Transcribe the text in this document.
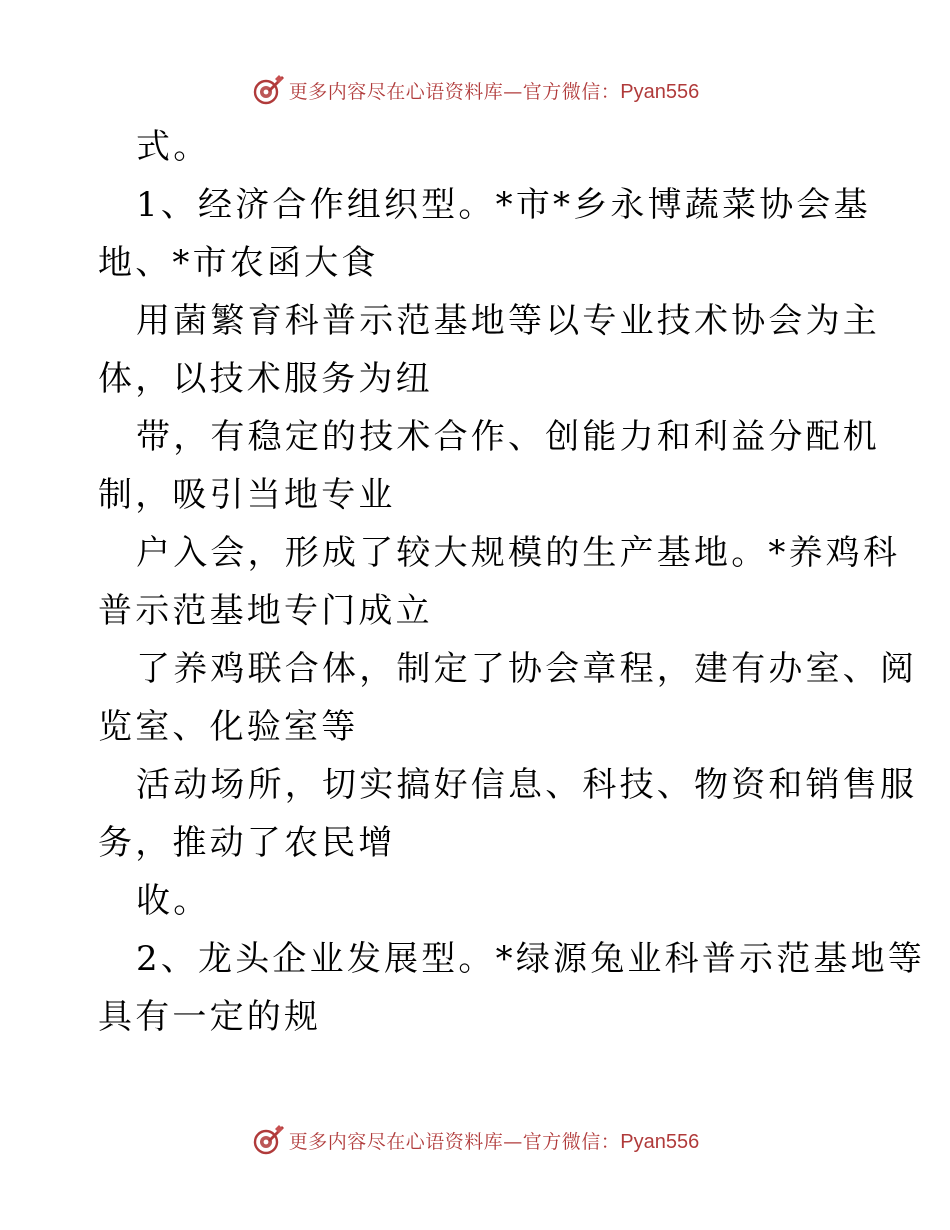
更多内容尽在心语资料库—官方微信：Pyan556
式。
1、经济合作组织型。*市*乡永博蔬菜协会基
地、*市农函大食
用菌繁育科普示范基地等以专业技术协会为主
体，以技术服务为纽
带，有稳定的技术合作、创能力和利益分配机
制，吸引当地专业
户入会，形成了较大规模的生产基地。*养鸡科
普示范基地专门成立
了养鸡联合体，制定了协会章程，建有办室、阅
览室、化验室等
活动场所，切实搞好信息、科技、物资和销售服
务，推动了农民增
收。
2、龙头企业发展型。*绿源兔业科普示范基地等
具有一定的规
更多内容尽在心语资料库—官方微信：Pyan556
